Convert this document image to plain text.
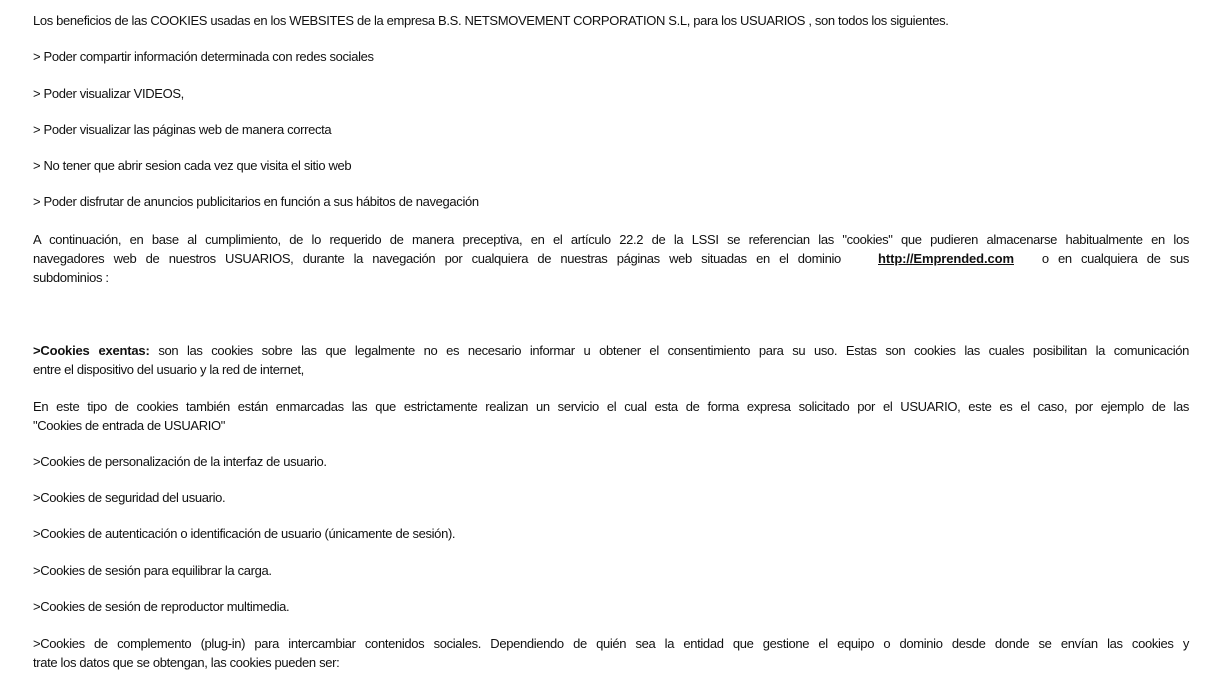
Los beneficios de las COOKIES usadas en los WEBSITES de la empresa B.S. NETSMOVEMENT CORPORATION S.L, para los USUARIOS , son todos los siguientes.

> Poder compartir información determinada con redes sociales

> Poder visualizar VIDEOS,

> Poder visualizar las páginas web de manera correcta

> No tener que abrir sesion cada vez que visita el sitio web

> Poder disfrutar de anuncios publicitarios en función a sus hábitos de navegación

A continuación, en base al cumplimiento, de lo requerido de manera preceptiva, en el artículo 22.2 de la LSSI se referencian las "cookies" que pudieren almacenarse habitualmente en los
navegadores web de nuestros USUARIOS, durante la navegación por cualquiera de nuestras páginas web situadas en el dominio	http://Emprended.com o en cualquiera de sus
subdominios :
>Cookies exentas: son las cookies sobre las que legalmente no es necesario informar u obtener el consentimiento para su uso. Estas son cookies las cuales posibilitan la comunicación
entre el dispositivo del usuario y la red de internet,
En este tipo de cookies también están enmarcadas las que estrictamente realizan un servicio el cual esta de forma expresa solicitado por el USUARIO, este es el caso, por ejemplo de las
"Cookies de entrada de USUARIO"

>Cookies de personalización de la interfaz de usuario.

>Cookies de seguridad del usuario.

>Cookies de autenticación o identificación de usuario (únicamente de sesión).

>Cookies de sesión para equilibrar la carga.

>Cookies de sesión de reproductor multimedia.

>Cookies de complemento (plug-in) para intercambiar contenidos sociales. Dependiendo de quién sea la entidad que gestione el equipo o dominio desde donde se envían las cookies y
trate los datos que se obtengan, las cookies pueden ser:
